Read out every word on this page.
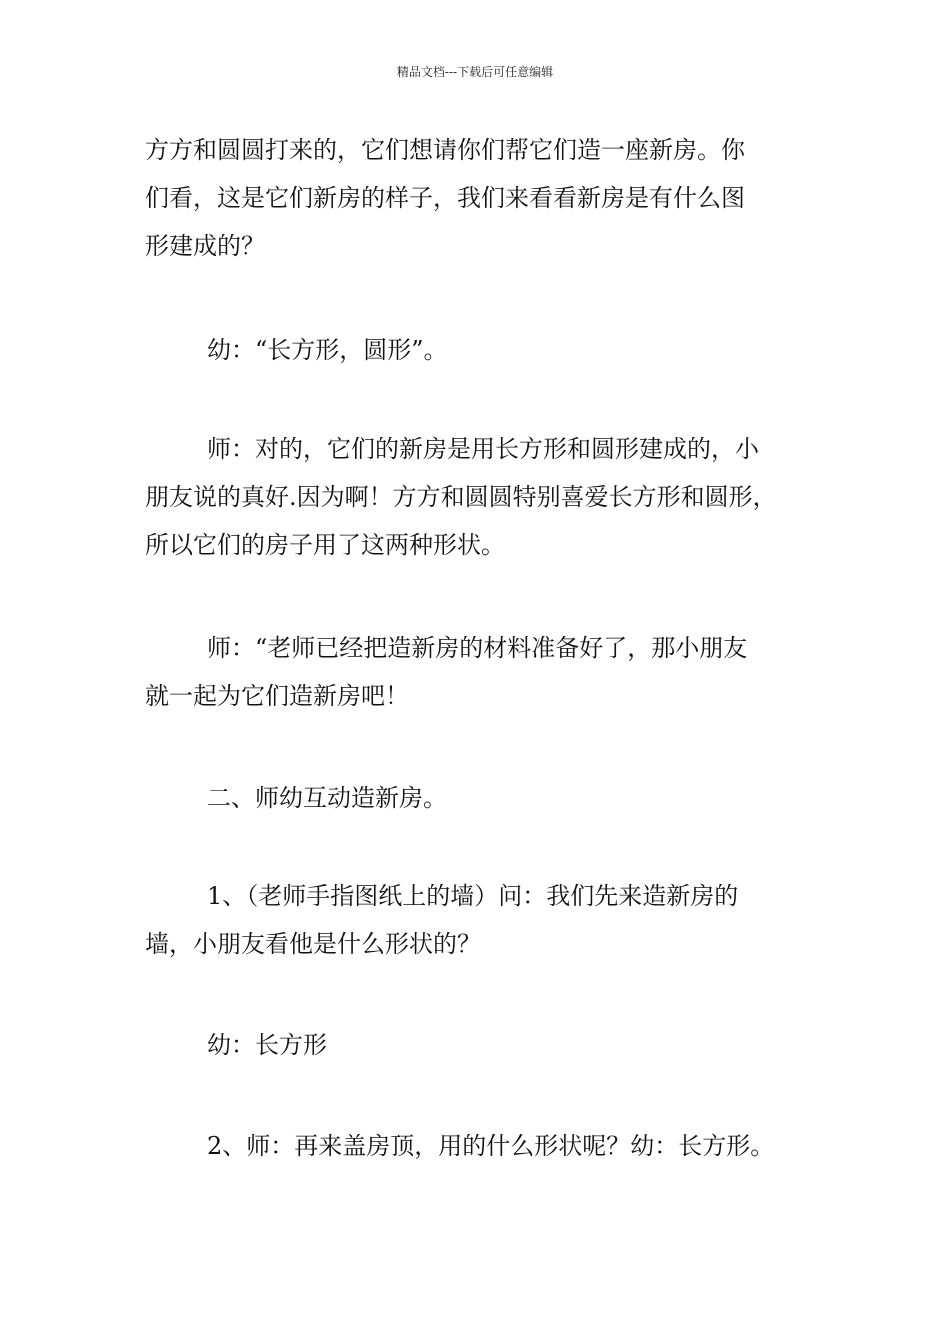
精品文档---下载后可任意编辑
方方和圆圆打来的，它们想请你们帮它们造一座新房。你
们看，这是它们新房的样子，我们来看看新房是有什么图
形建成的？
幼：“长方形，圆形”。
师：对的，它们的新房是用长方形和圆形建成的，小
朋友说的真好.因为啊！方方和圆圆特别喜爱长方形和圆形，
所以它们的房子用了这两种形状。
师：“老师已经把造新房的材料准备好了，那小朋友
就一起为它们造新房吧！
二、师幼互动造新房。
1、（老师手指图纸上的墙）问：我们先来造新房的
墙，小朋友看他是什么形状的？
幼：长方形
2、师：再来盖房顶，用的什么形状呢？幼：长方形。
